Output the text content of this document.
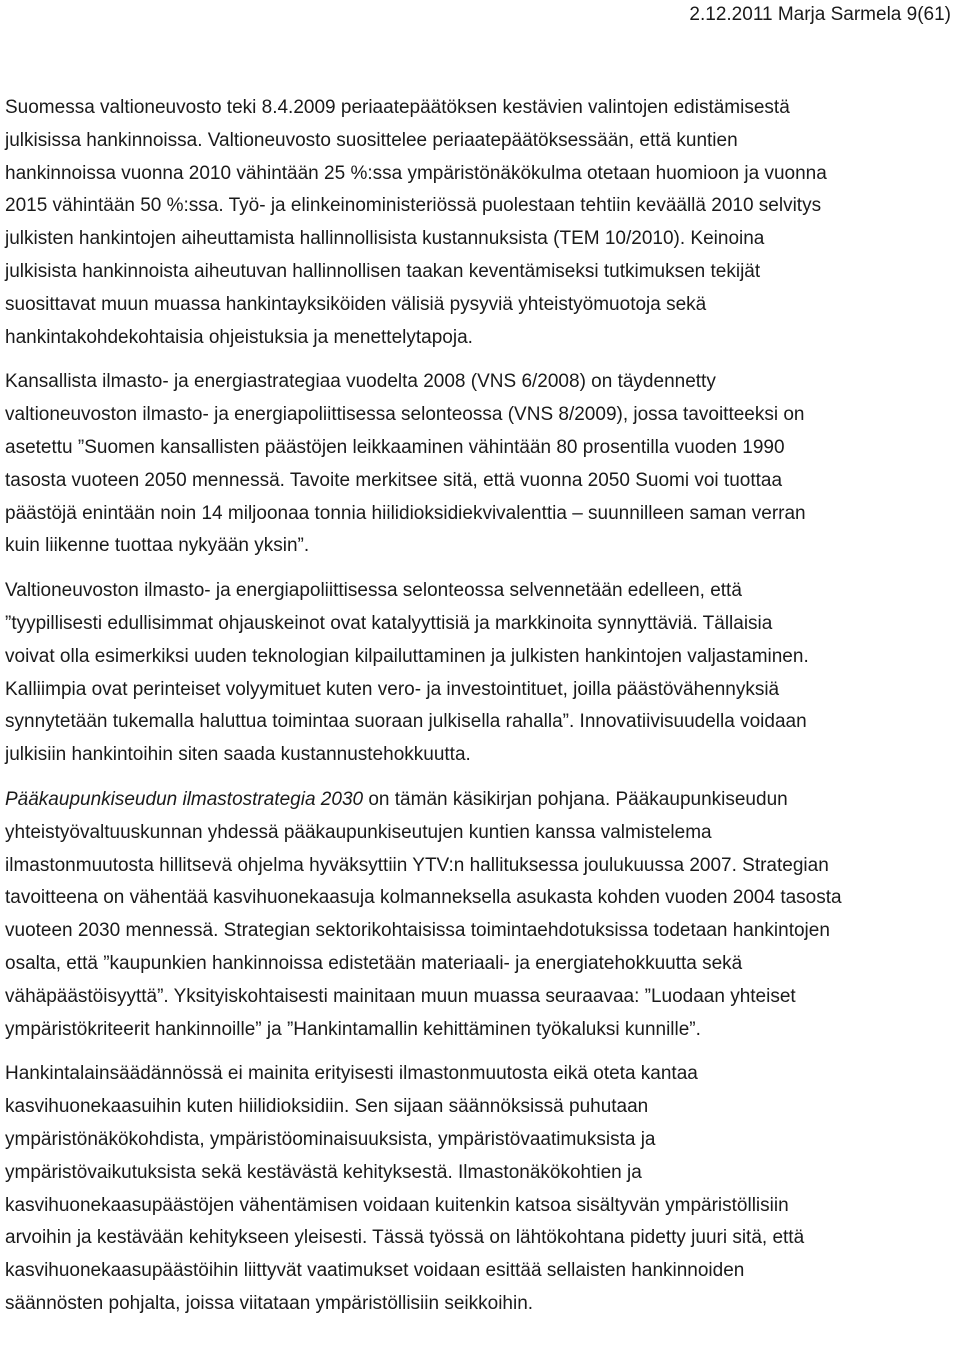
2.12.2011 Marja Sarmela 9(61)
Suomessa valtioneuvosto teki 8.4.2009 periaatepäätöksen kestävien valintojen edistämisestä
julkisissa hankinnoissa. Valtioneuvosto suosittelee periaatepäätöksessään, että kuntien
hankinnoissa vuonna 2010 vähintään 25 %:ssa ympäristönäkökulma otetaan huomioon ja vuonna
2015 vähintään 50 %:ssa. Työ- ja elinkeinoministeriössä puolestaan tehtiin keväällä 2010 selvitys
julkisten hankintojen aiheuttamista hallinnollisista kustannuksista (TEM 10/2010). Keinoina
julkisista hankinnoista aiheutuvan hallinnollisen taakan keventämiseksi tutkimuksen tekijät
suosittavat muun muassa hankintayksiköiden välisiä pysyviä yhteistyömuotoja sekä
hankintakohdekohtaisia ohjeistuksia ja menettelytapoja.
Kansallista ilmasto- ja energiastrategiaa vuodelta 2008 (VNS 6/2008) on täydennetty
valtioneuvoston ilmasto- ja energiapoliittisessa selonteossa (VNS 8/2009), jossa tavoitteeksi on
asetettu ”Suomen kansallisten päästöjen leikkaaminen vähintään 80 prosentilla vuoden 1990
tasosta vuoteen 2050 mennessä. Tavoite merkitsee sitä, että vuonna 2050 Suomi voi tuottaa
päästöjä enintään noin 14 miljoonaa tonnia hiilidioksidiekvivalenttia – suunnilleen saman verran
kuin liikenne tuottaa nykyään yksin”.
Valtioneuvoston ilmasto- ja energiapoliittisessa selonteossa selvennetään edelleen, että
”tyypillisesti edullisimmat ohjauskeinot ovat katalyyttisiä ja markkinoita synnyttäviä. Tällaisia
voivat olla esimerkiksi uuden teknologian kilpailuttaminen ja julkisten hankintojen valjastaminen.
Kalliimpia ovat perinteiset volyymituet kuten vero- ja investointituet, joilla päästövähennyksiä
synnytetään tukemalla haluttua toimintaa suoraan julkisella rahalla”. Innovatiivisuudella voidaan
julkisiin hankintoihin siten saada kustannustehokkuutta.
Pääkaupunkiseudun ilmastostrategia 2030 on tämän käsikirjan pohjana. Pääkaupunkiseudun
yhteistyövaltuuskunnan yhdessä pääkaupunkiseutujen kuntien kanssa valmistelema
ilmastonmuutosta hillitsevä ohjelma hyväksyttiin YTV:n hallituksessa joulukuussa 2007. Strategian
tavoitteena on vähentää kasvihuonekaasuja kolmanneksella asukasta kohden vuoden 2004 tasosta
vuoteen 2030 mennessä. Strategian sektorikohtaisissa toimintaehdotuksissa todetaan hankintojen
osalta, että ”kaupunkien hankinnoissa edistetään materiaali- ja energiatehokkuutta sekä
vähäpäästöisyyttä”. Yksityiskohtaisesti mainitaan muun muassa seuraavaa: ”Luodaan yhteiset
ympäristökriteerit hankinnoille” ja ”Hankintamallin kehittäminen työkaluksi kunnille”.
Hankintalainsäädännössä ei mainita erityisesti ilmastonmuutosta eikä oteta kantaa
kasvihuonekaasuihin kuten hiilidioksidiin. Sen sijaan säännöksissä puhutaan
ympäristönäkökohdista, ympäristöominaisuuksista, ympäristövaatimuksista ja
ympäristövaikutuksista sekä kestävästä kehityksestä. Ilmastonäkökohtien ja
kasvihuonekaasupäästöjen vähentämisen voidaan kuitenkin katsoa sisältyvän ympäristöllisiin
arvoihin ja kestävään kehitykseen yleisesti. Tässä työssä on lähtökohtana pidetty juuri sitä, että
kasvihuonekaasupäästöihin liittyvät vaatimukset voidaan esittää sellaisten hankinnoiden
säännösten pohjalta, joissa viitataan ympäristöllisiin seikkoihin.
